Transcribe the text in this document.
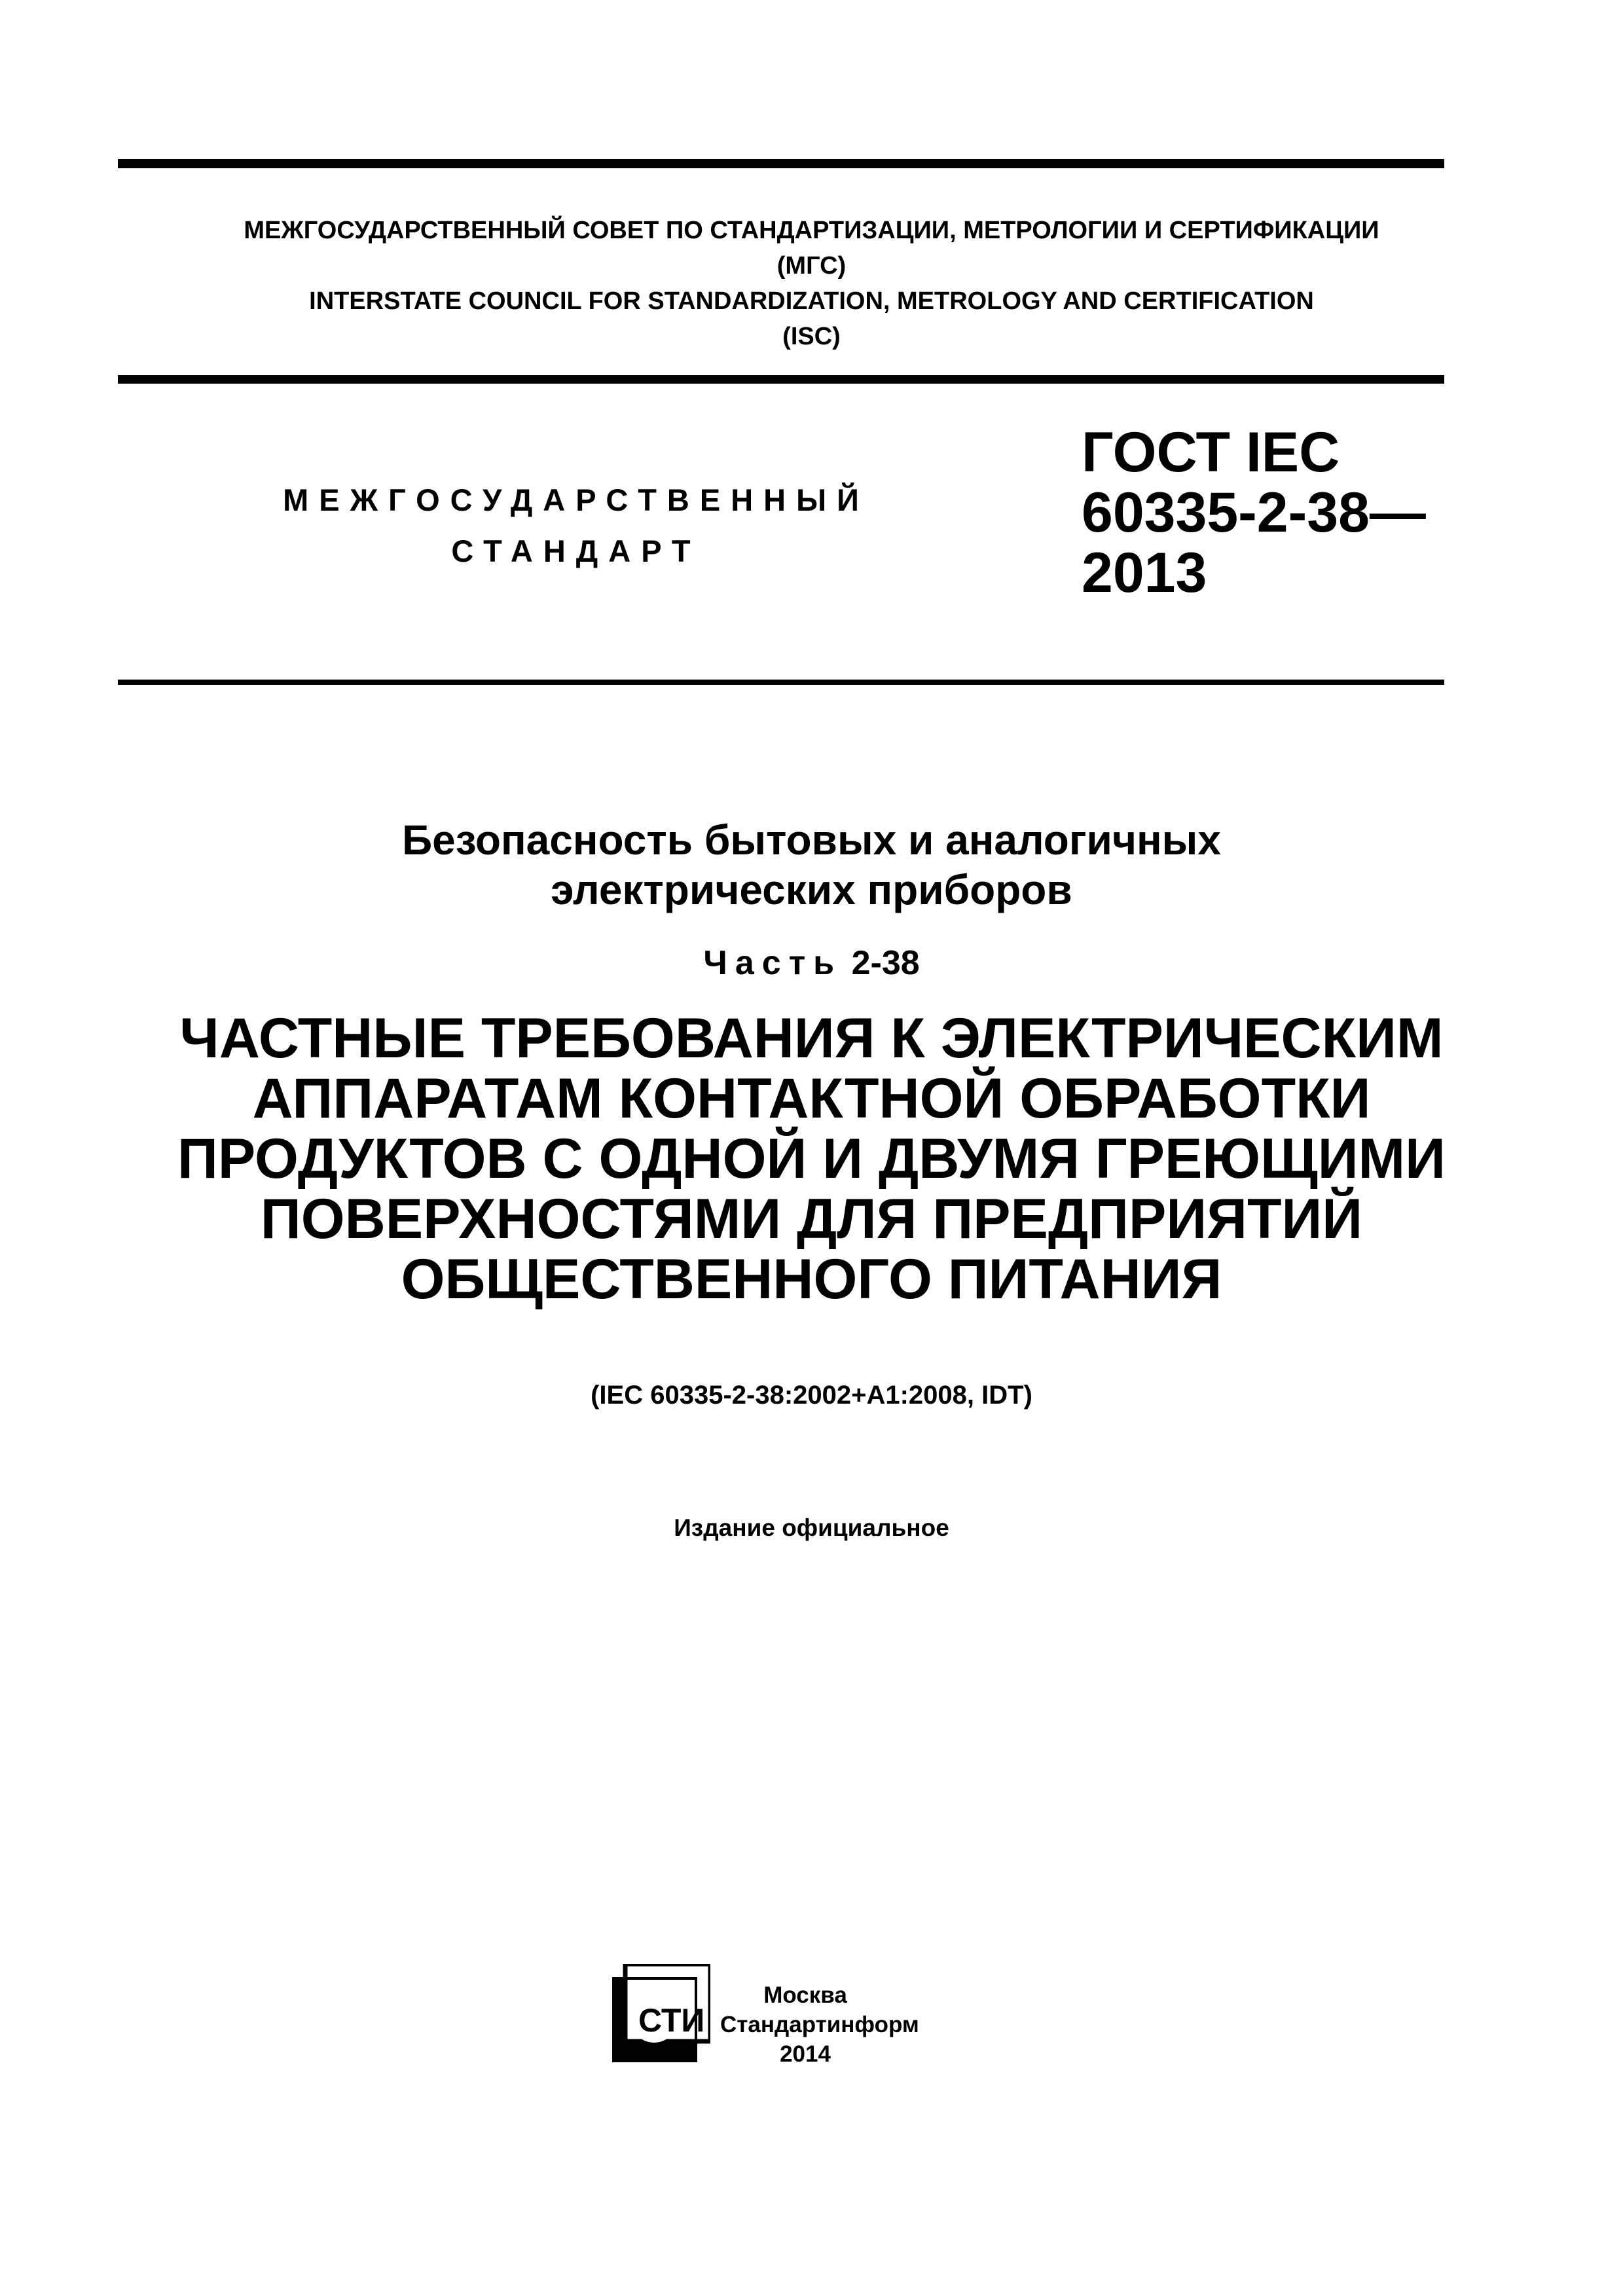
МЕЖГОСУДАРСТВЕННЫЙ СОВЕТ ПО СТАНДАРТИЗАЦИИ, МЕТРОЛОГИИ И СЕРТИФИКАЦИИ
(МГС)
INTERSTATE COUNCIL FOR STANDARDIZATION, METROLOGY AND CERTIFICATION
(ISC)
МЕЖГОСУДАРСТВЕННЫЙ
СТАНДАРТ
ГОСТ IEC
60335-2-38—
2013
Безопасность бытовых и аналогичных
электрических приборов
Часть 2-38
ЧАСТНЫЕ ТРЕБОВАНИЯ К ЭЛЕКТРИЧЕСКИМ
АППАРАТАМ КОНТАКТНОЙ ОБРАБОТКИ
ПРОДУКТОВ С ОДНОЙ И ДВУМЯ ГРЕЮЩИМИ
ПОВЕРХНОСТЯМИ ДЛЯ ПРЕДПРИЯТИЙ
ОБЩЕСТВЕННОГО ПИТАНИЯ
(IEC 60335-2-38:2002+A1:2008, IDT)
Издание официальное
СТИ
Москва
Стандартинформ
2014
